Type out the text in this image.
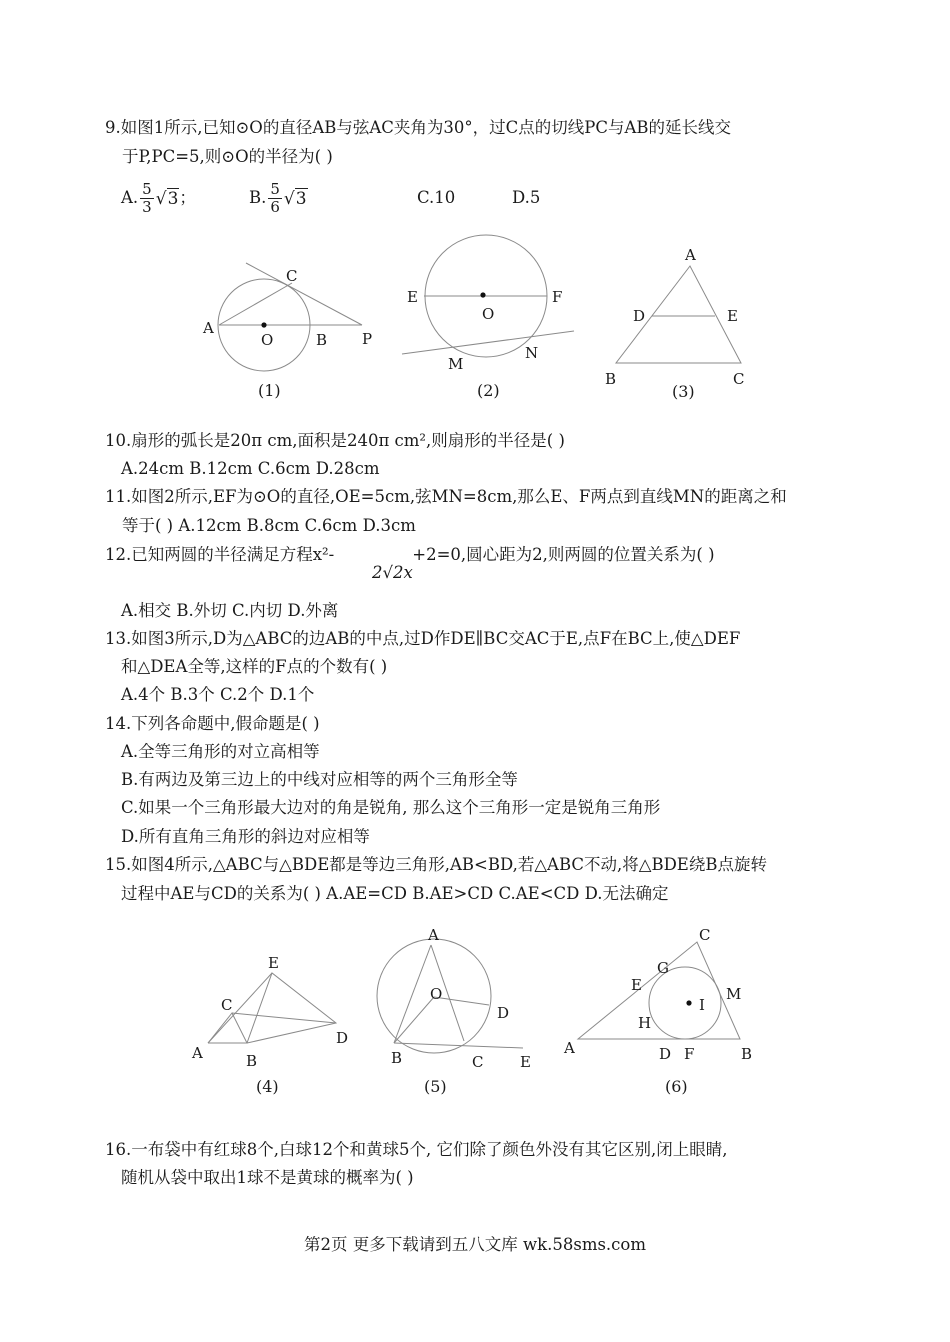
9.如图1所示,已知⊙O的直径AB与弦AC夹角为30°，过C点的切线PC与AB的延长线交
于P,PC=5,则⊙O的半径为( )
A. $\frac{5}{3} √3$；	B. $\frac{5}{6} √3$	C.10	D.5
C
A
O	B P
(1)
E	F
O
M
N
(2)
A
D	E
B	C
(3)
E
C
D
A	B
(4)
A
O
D
B	C E
(5)
C
G
E	M
I
H
A	D F	B
(6)
10.扇形的弧长是20π cm,面积是240π cm²,则扇形的半径是( )
A.24cm B.12cm C.6cm D.28cm
11.如图2所示,EF为⊙O的直径,OE=5cm,弦MN=8cm,那么E、F两点到直线MN的距离之和
等于( ) A.12cm B.8cm C.6cm D.3cm
12.已知两圆的半径满足方程x²-	+2=0,圆心距为2,则两圆的位置关系为( )
2√2x
A.相交 B.外切 C.内切 D.外离
13.如图3所示,D为△ABC的边AB的中点,过D作DE∥BC交AC于E,点F在BC上,使△DEF
和△DEA全等,这样的F点的个数有( )
A.4个 B.3个 C.2个 D.1个
14.下列各命题中,假命题是( )
A.全等三角形的对立高相等
B.有两边及第三边上的中线对应相等的两个三角形全等
C.如果一个三角形最大边对的角是锐角, 那么这个三角形一定是锐角三角形
D.所有直角三角形的斜边对应相等
15.如图4所示,△ABC与△BDE都是等边三角形,AB<BD,若△ABC不动,将△BDE绕B点旋转
过程中AE与CD的关系为( ) A.AE=CD B.AE>CD C.AE<CD D.无法确定
16.一布袋中有红球8个,白球12个和黄球5个, 它们除了颜色外没有其它区别,闭上眼睛,
随机从袋中取出1球不是黄球的概率为( )
第2页 更多下载请到五八文库 wk.58sms.com
